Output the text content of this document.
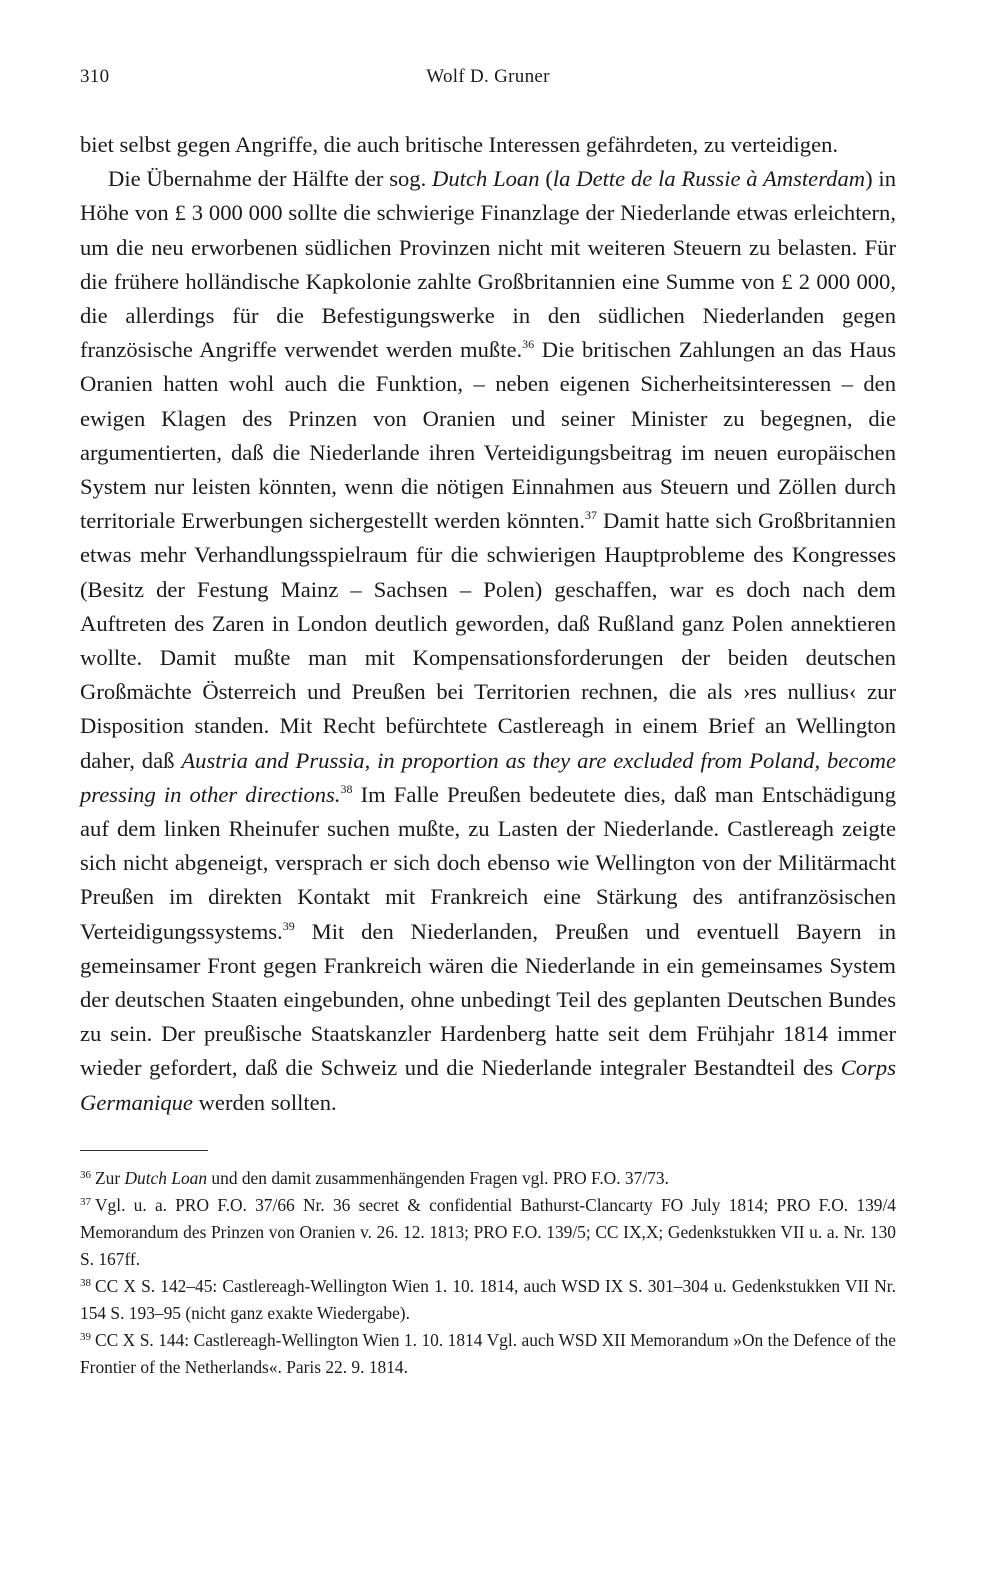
310	Wolf D. Gruner

biet selbst gegen Angriffe, die auch britische Interessen gefährdeten, zu verteidigen.

Die Übernahme der Hälfte der sog. Dutch Loan (la Dette de la Russie à Amsterdam) in Höhe von £ 3 000 000 sollte die schwierige Finanzlage der Niederlande etwas erleichtern, um die neu erworbenen südlichen Provinzen nicht mit weiteren Steuern zu belasten. Für die frühere holländische Kapkolonie zahlte Großbritannien eine Summe von £ 2 000 000, die allerdings für die Befestigungswerke in den südlichen Niederlanden gegen französische Angriffe verwendet werden mußte.$^{36}$ Die britischen Zahlungen an das Haus Oranien hatten wohl auch die Funktion, – neben eigenen Sicherheitsinteressen – den ewigen Klagen des Prinzen von Oranien und seiner Minister zu begegnen, die argumentierten, daß die Niederlande ihren Verteidigungsbeitrag im neuen europäischen System nur leisten könnten, wenn die nötigen Einnahmen aus Steuern und Zöllen durch territoriale Erwerbungen sichergestellt werden könnten.$^{37}$ Damit hatte sich Großbritannien etwas mehr Verhandlungsspielraum für die schwierigen Hauptprobleme des Kongresses (Besitz der Festung Mainz – Sachsen – Polen) geschaffen, war es doch nach dem Auftreten des Zaren in London deutlich geworden, daß Rußland ganz Polen annektieren wollte. Damit mußte man mit Kompensationsforderungen der beiden deutschen Großmächte Österreich und Preußen bei Territorien rechnen, die als ›res nullius‹ zur Disposition standen. Mit Recht befürchtete Castlereagh in einem Brief an Wellington daher, daß Austria and Prussia, in proportion as they are excluded from Poland, become pressing in other directions.$^{38}$ Im Falle Preußen bedeutete dies, daß man Entschädigung auf dem linken Rheinufer suchen mußte, zu Lasten der Niederlande. Castlereagh zeigte sich nicht abgeneigt, versprach er sich doch ebenso wie Wellington von der Militärmacht Preußen im direkten Kontakt mit Frankreich eine Stärkung des antifranzösischen Verteidigungssystems.$^{39}$ Mit den Niederlanden, Preußen und eventuell Bayern in gemeinsamer Front gegen Frankreich wären die Niederlande in ein gemeinsames System der deutschen Staaten eingebunden, ohne unbedingt Teil des geplanten Deutschen Bundes zu sein. Der preußische Staatskanzler Hardenberg hatte seit dem Frühjahr 1814 immer wieder gefordert, daß die Schweiz und die Niederlande integraler Bestandteil des Corps Germanique werden sollten.

$^{36}$ Zur Dutch Loan und den damit zusammenhängenden Fragen vgl. PRO F.O. 37/73.

$^{37}$ Vgl. u. a. PRO F.O. 37/66 Nr. 36 secret & confidential Bathurst-Clancarty FO July 1814; PRO F.O. 139/4 Memorandum des Prinzen von Oranien v. 26. 12. 1813; PRO F.O. 139/5; CC IX,X; Gedenkstukken VII u. a. Nr. 130 S. 167ff.

$^{38}$ CC X S. 142–45: Castlereagh-Wellington Wien 1. 10. 1814, auch WSD IX S. 301–304 u. Gedenkstukken VII Nr. 154 S. 193–95 (nicht ganz exakte Wiedergabe).

$^{39}$ CC X S. 144: Castlereagh-Wellington Wien 1. 10. 1814 Vgl. auch WSD XII Memorandum »On the Defence of the Frontier of the Netherlands«. Paris 22. 9. 1814.
